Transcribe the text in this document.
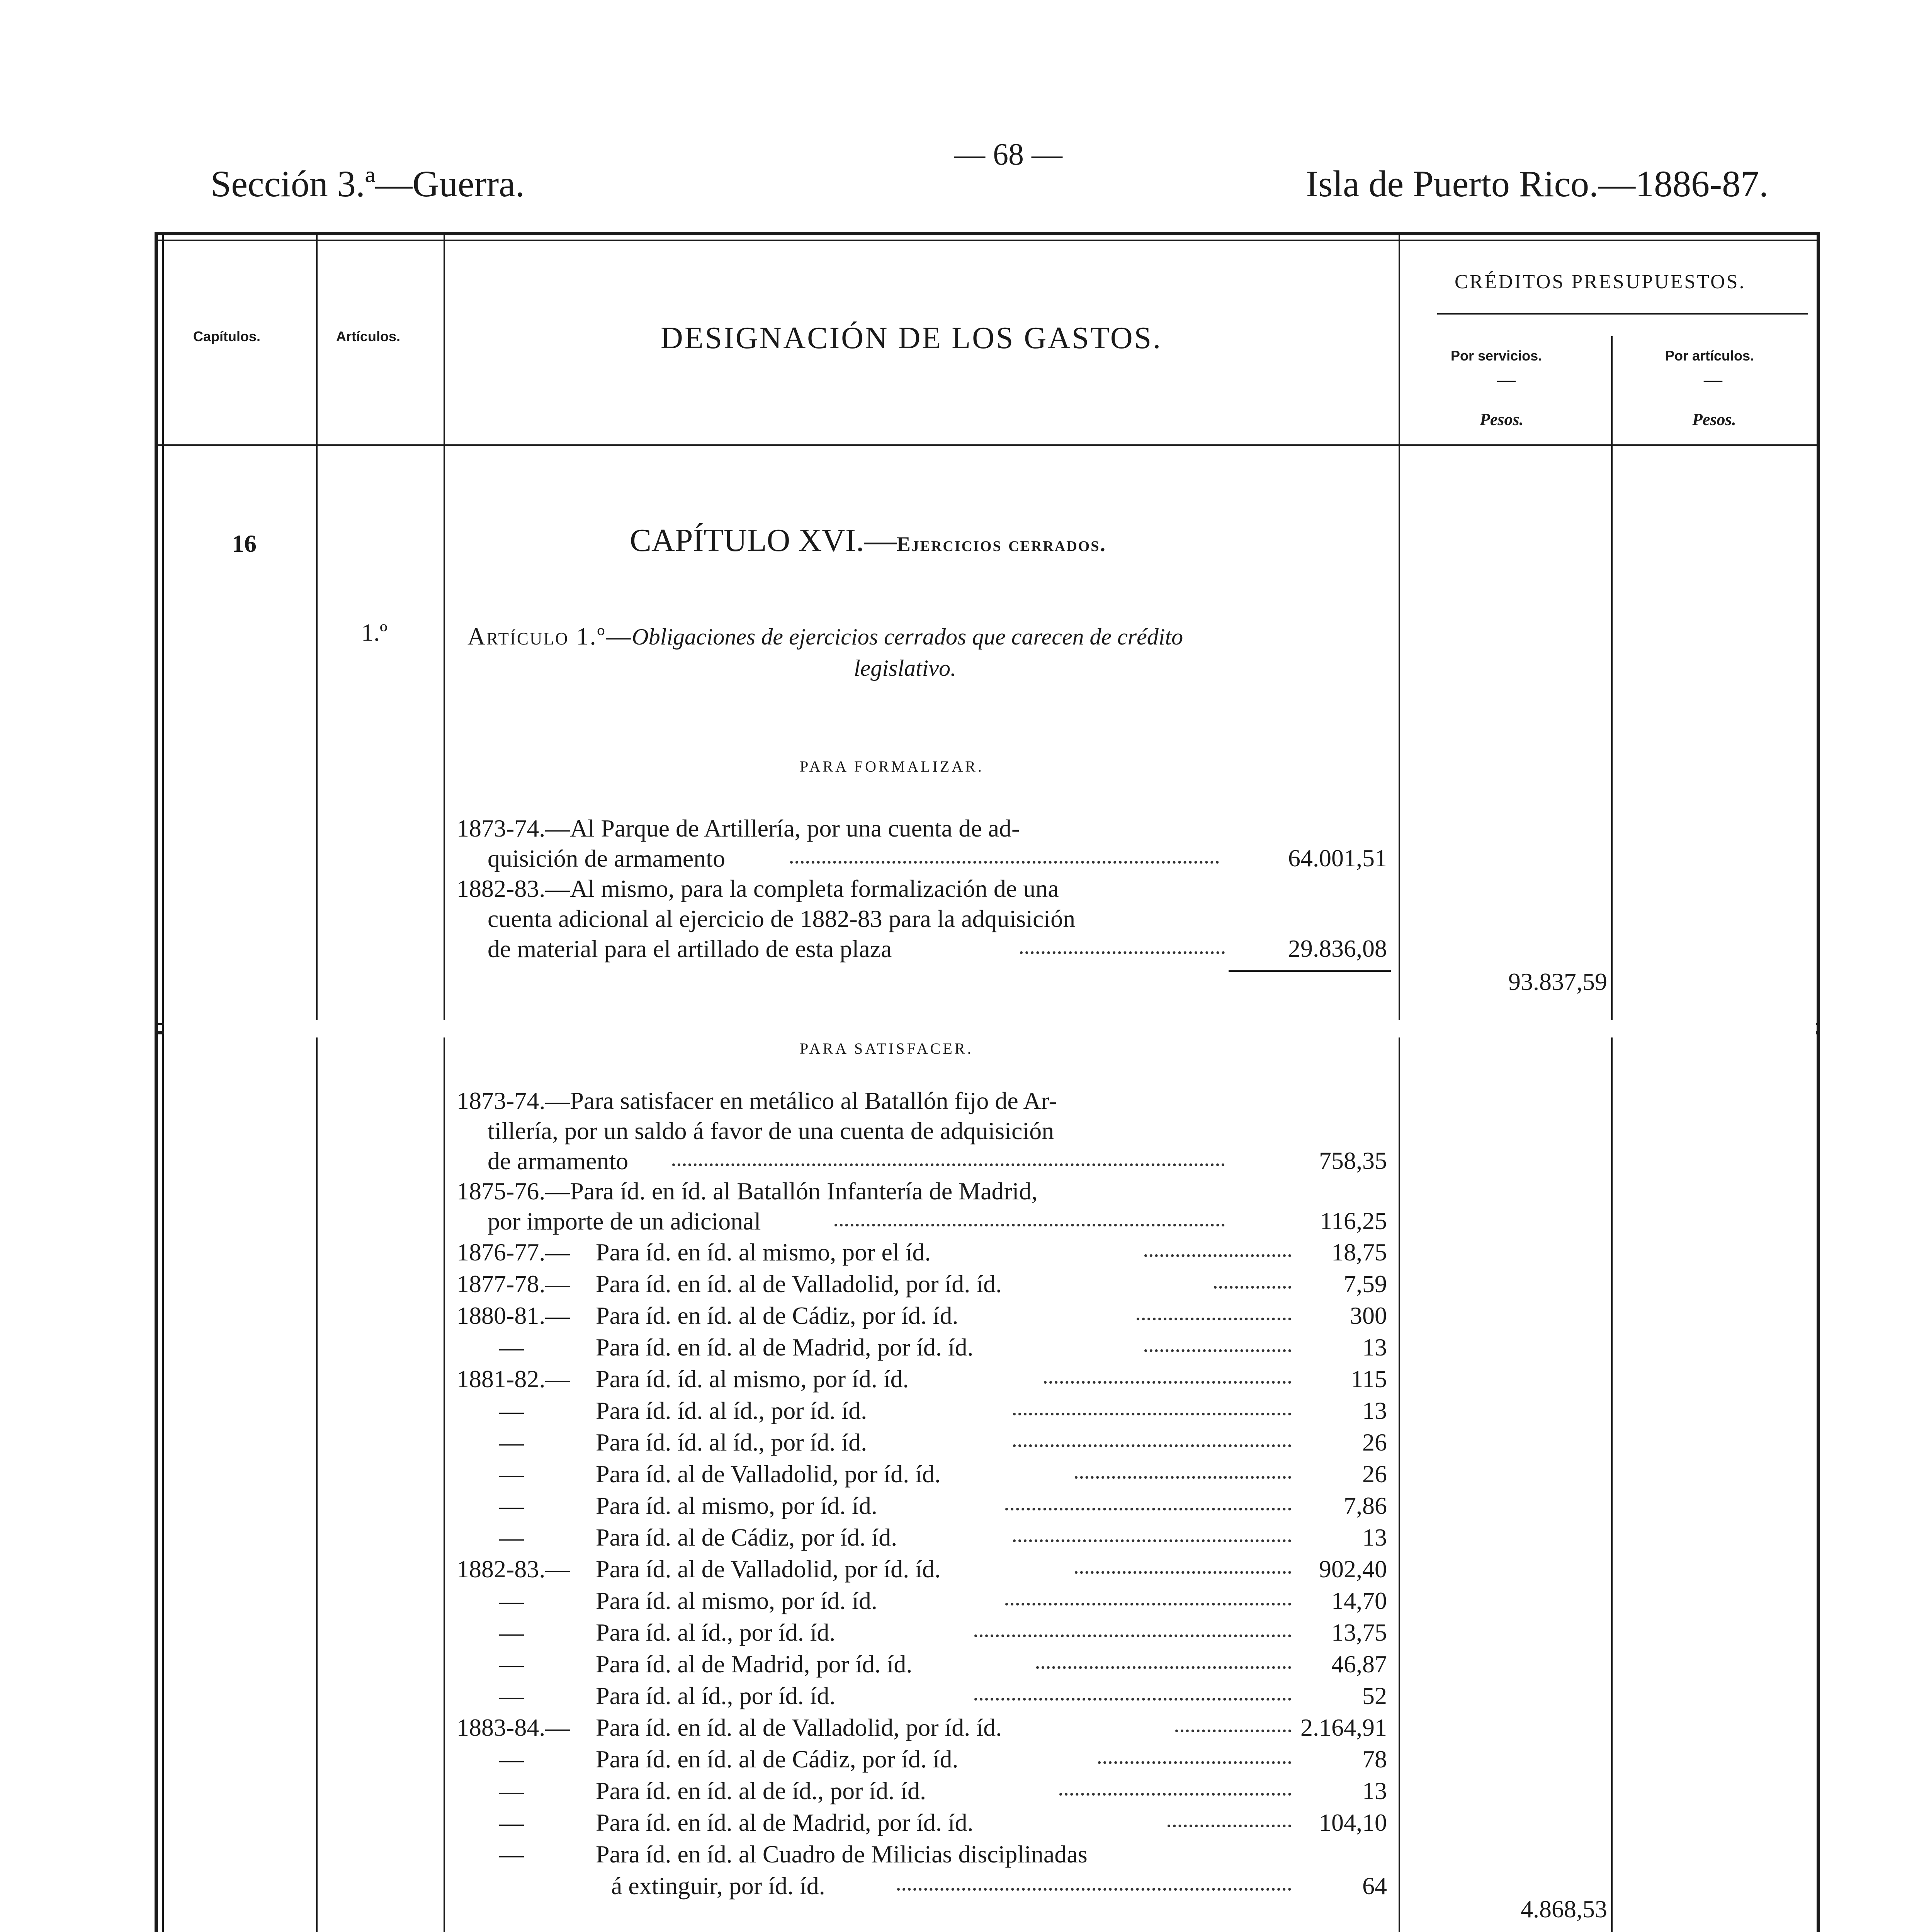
Sección 3.ª—Guerra.
— 68 —
Isla de Puerto Rico.—1886-87.
Capítulos.	Artículos.	DESIGNACIÓN DE LOS GASTOS.
CRÉDITOS PRESUPUESTOS.
Por servicios.	Por artículos.
—	—
Pesos.	Pesos.
16	CAPÍTULO XVI.—Ejercicios cerrados.
1.º	Artículo 1.º—Obligaciones de ejercicios cerrados que carecen de crédito
legislativo.
PARA FORMALIZAR.
1873-74.—Al Parque de Artillería, por una cuenta de ad-
quisición de armamento	64.001,51
1882-83.—Al mismo, para la completa formalización de una
cuenta adicional al ejercicio de 1882-83 para la adquisición
de material para el artillado de esta plaza	29.836,08
93.837,59
PARA SATISFACER.
1873-74.—Para satisfacer en metálico al Batallón fijo de Ar-
tillería, por un saldo á favor de una cuenta de adquisición
de armamento	758,35
1875-76.—Para íd. en íd. al Batallón Infantería de Madrid,
por importe de un adicional	116,25
1876-77.— Para íd. en íd. al mismo, por el íd.	18,75
1877-78.— Para íd. en íd. al de Valladolid, por íd. íd.	7,59
1880-81.— Para íd. en íd. al de Cádiz, por íd. íd.	300
—	Para íd. en íd. al de Madrid, por íd. íd.	13
1881-82.— Para íd. íd. al mismo, por íd. íd.	115
—	Para íd. íd. al íd., por íd. íd.	13
—	Para íd. íd. al íd., por íd. íd.	26
—	Para íd. al de Valladolid, por íd. íd.	26
—	Para íd. al mismo, por íd. íd.	7,86
—	Para íd. al de Cádiz, por íd. íd.	13
1882-83.— Para íd. al de Valladolid, por íd. íd.	902,40
—	Para íd. al mismo, por íd. íd.	14,70
—	Para íd. al íd., por íd. íd.	13,75
—	Para íd. al de Madrid, por íd. íd.	46,87
—	Para íd. al íd., por íd. íd.	52
1883-84.— Para íd. en íd. al de Valladolid, por íd. íd.	2.164,91
—	Para íd. en íd. al de Cádiz, por íd. íd.	78
—	Para íd. en íd. al de íd., por íd. íd.	13
—	Para íd. en íd. al de Madrid, por íd. íd.	104,10
—	Para íd. en íd. al Cuadro de Milicias disciplinadas
á extinguir, por íd. íd.	64
4.868,53
